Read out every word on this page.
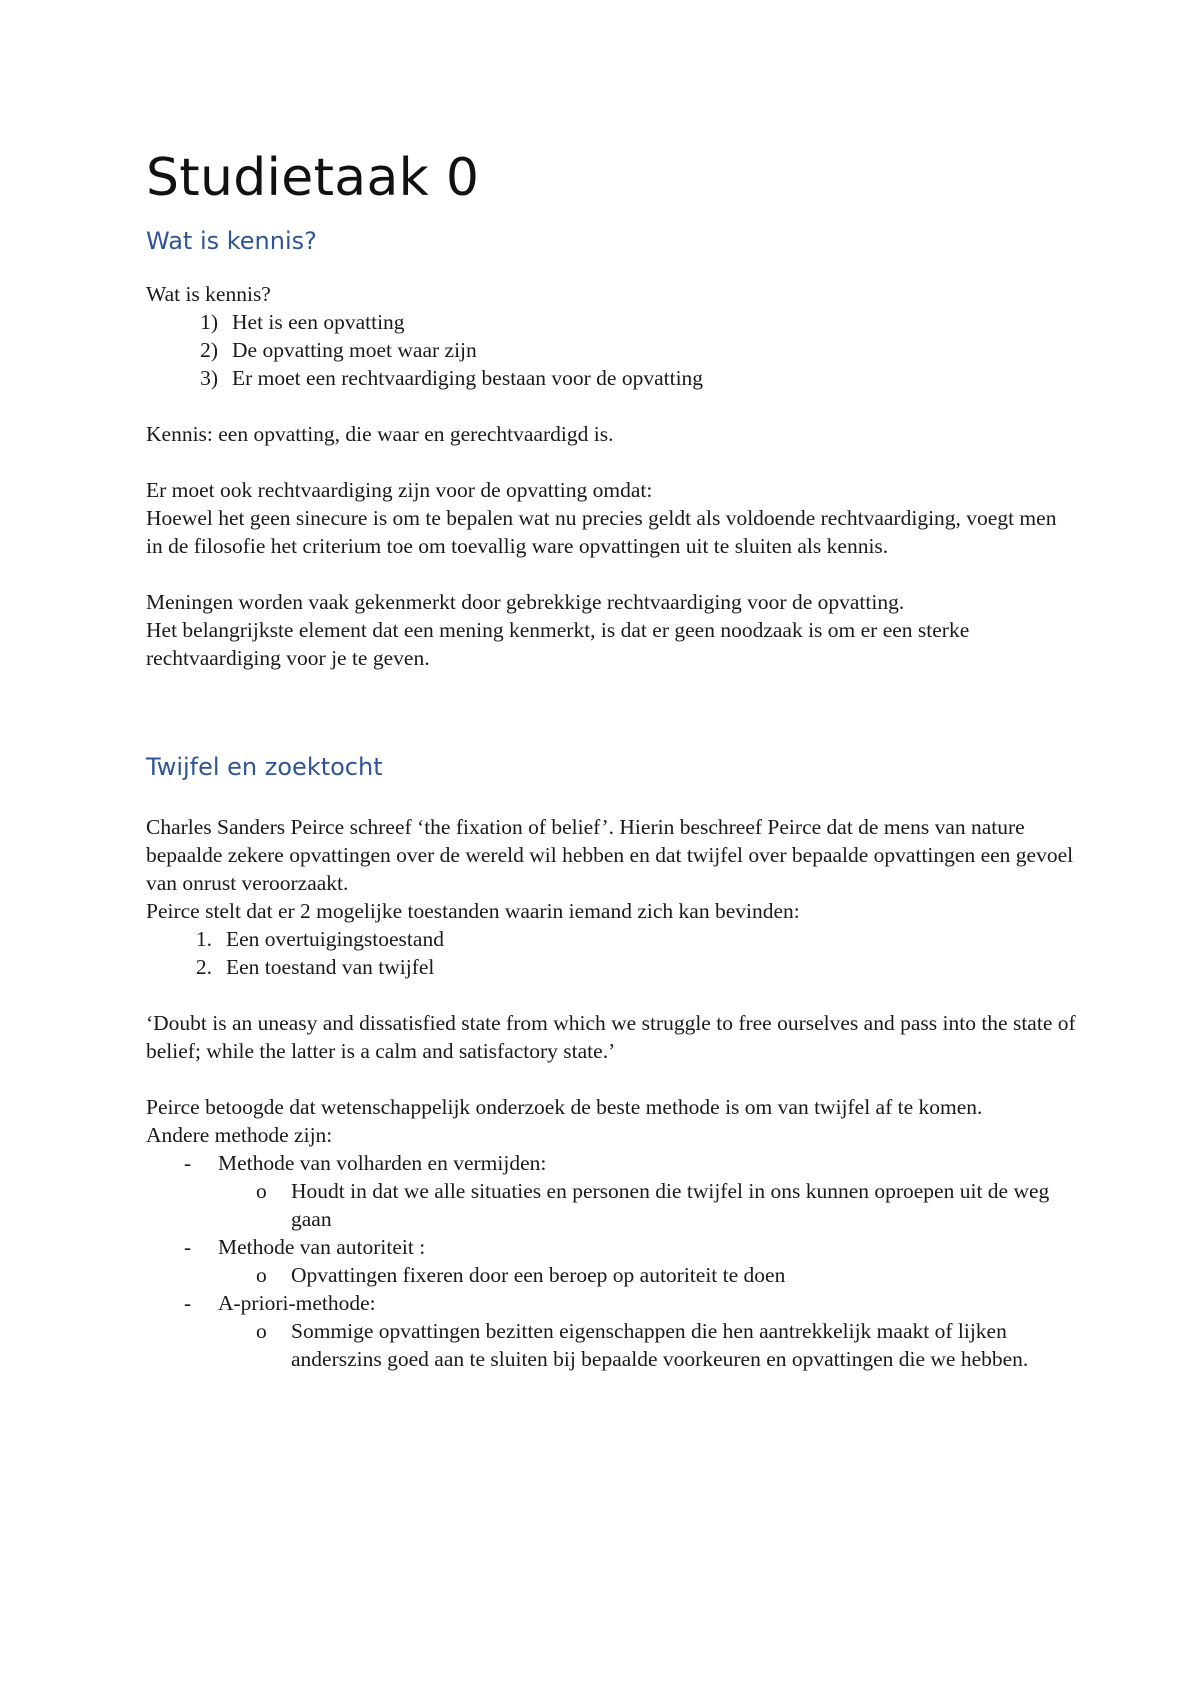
Studietaak 0
Wat is kennis?

Wat is kennis?

1) Het is een opvatting
2) De opvatting moet waar zijn
3) Er moet een rechtvaardiging bestaan voor de opvatting

Kennis: een opvatting, die waar en gerechtvaardigd is.

Er moet ook rechtvaardiging zijn voor de opvatting omdat:

Hoewel het geen sinecure is om te bepalen wat nu precies geldt als voldoende rechtvaardiging, voegt men in de filosofie het criterium toe om toevallig ware opvattingen uit te sluiten als kennis.

Meningen worden vaak gekenmerkt door gebrekkige rechtvaardiging voor de opvatting.

Het belangrijkste element dat een mening kenmerkt, is dat er geen noodzaak is om er een sterke rechtvaardiging voor je te geven.

Twijfel en zoektocht

Charles Sanders Peirce schreef ‘the fixation of belief’. Hierin beschreef Peirce dat de mens van nature bepaalde zekere opvattingen over de wereld wil hebben en dat twijfel over bepaalde opvattingen een gevoel van onrust veroorzaakt.

Peirce stelt dat er 2 mogelijke toestanden waarin iemand zich kan bevinden:

1. Een overtuigingstoestand
2. Een toestand van twijfel

‘Doubt is an uneasy and dissatisfied state from which we struggle to free ourselves and pass into the state of belief; while the latter is a calm and satisfactory state.’

Peirce betoogde dat wetenschappelijk onderzoek de beste methode is om van twijfel af te komen.

Andere methode zijn:

-	Methode van volharden en vermijden:
o	Houdt in dat we alle situaties en personen die twijfel in ons kunnen oproepen uit de weg gaan
-	Methode van autoriteit :
o	Opvattingen fixeren door een beroep op autoriteit te doen
-	A-priori-methode:
o	Sommige opvattingen bezitten eigenschappen die hen aantrekkelijk maakt of lijken anderszins goed aan te sluiten bij bepaalde voorkeuren en opvattingen die we hebben.
